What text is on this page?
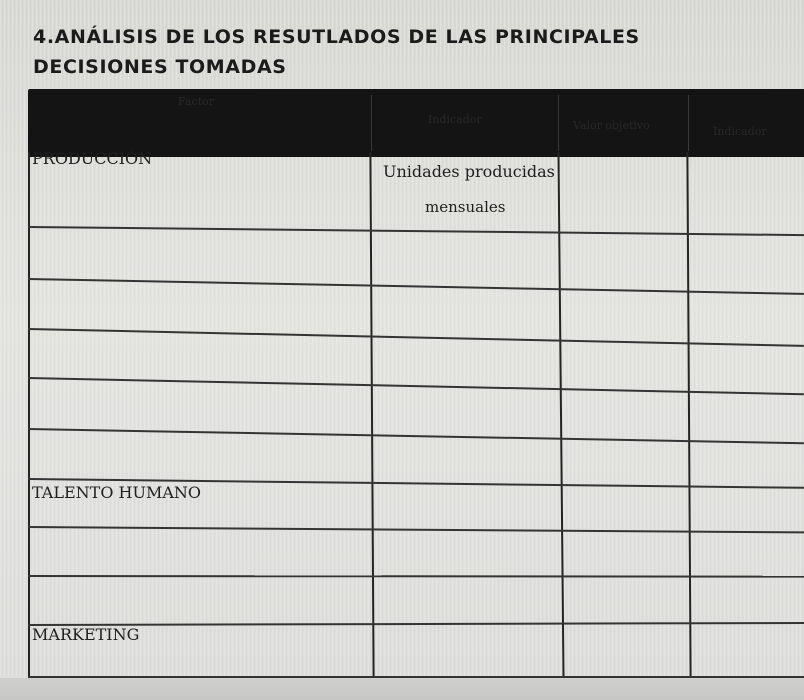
4.ANÁLISIS DE LOS RESUTLADOS DE LAS PRINCIPALES
DECISIONES TOMADAS
Factor
Indicador	Valor objetivo	Indicador
PRODUCCIÓN
Unidades producidas
mensuales
TALENTO HUMANO
MARKETING
